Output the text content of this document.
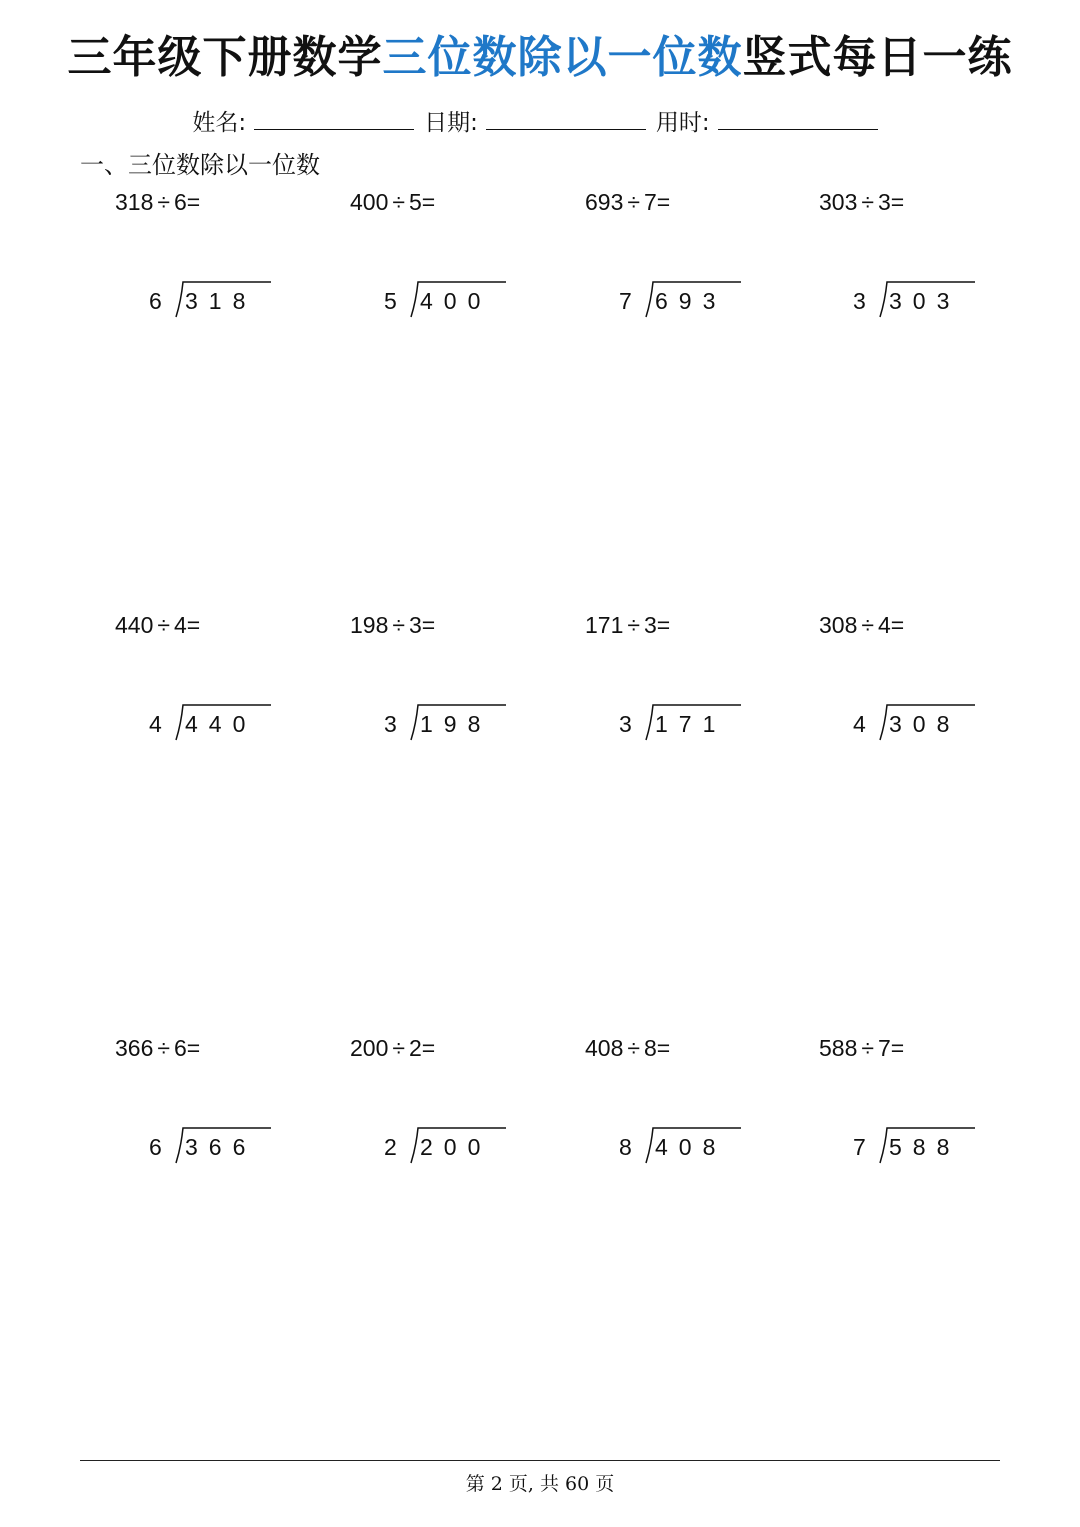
三年级下册数学三位数除以一位数竖式每日一练
姓名:	日期:	用时:
一、三位数除以一位数
318 ÷ 6=
6 318
400 ÷ 5=
5 400
693 ÷ 7=
7 693
303 ÷ 3=
3 303
440 ÷ 4=
4 440
198 ÷ 3=
3 198
171 ÷ 3=
3 171
308 ÷ 4=
4 308
366 ÷ 6=
6 366
200 ÷ 2=
2 200
408 ÷ 8=
8 408
588 ÷ 7=
7 588
第 2 页, 共 60 页
